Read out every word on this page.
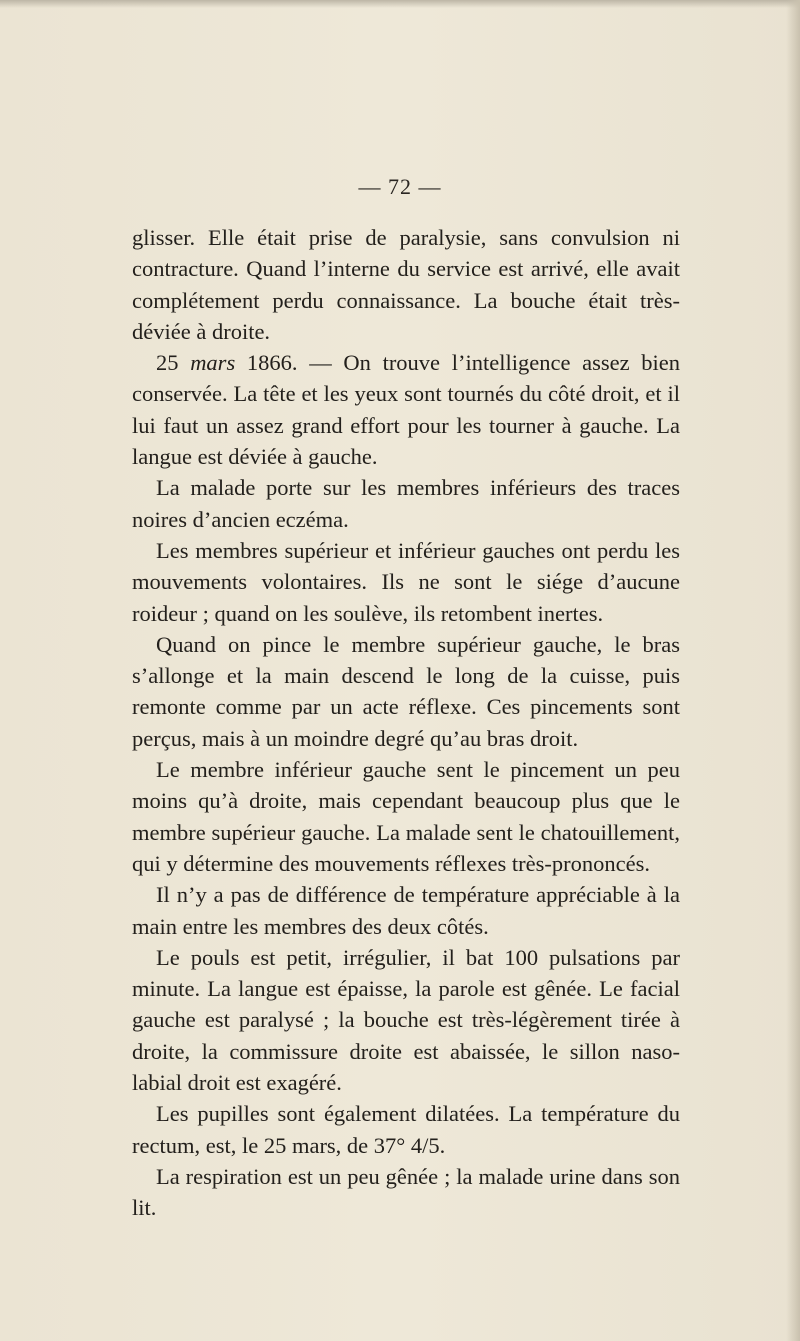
— 72 —

glisser. Elle était prise de paralysie, sans convulsion ni contracture. Quand l’interne du service est arrivé, elle avait complétement perdu connaissance. La bouche était très-déviée à droite.

25 mars 1866. — On trouve l’intelligence assez bien conservée. La tête et les yeux sont tournés du côté droit, et il lui faut un assez grand effort pour les tourner à gauche. La langue est déviée à gauche.

La malade porte sur les membres inférieurs des traces noires d’ancien eczéma.

Les membres supérieur et inférieur gauches ont perdu les mouvements volontaires. Ils ne sont le siége d’aucune roideur ; quand on les soulève, ils retombent inertes.

Quand on pince le membre supérieur gauche, le bras s’allonge et la main descend le long de la cuisse, puis remonte comme par un acte réflexe. Ces pincements sont perçus, mais à un moindre degré qu’au bras droit.

Le membre inférieur gauche sent le pincement un peu moins qu’à droite, mais cependant beaucoup plus que le membre supérieur gauche. La malade sent le chatouillement, qui y détermine des mouvements réflexes très-prononcés.

Il n’y a pas de différence de température appréciable à la main entre les membres des deux côtés.

Le pouls est petit, irrégulier, il bat 100 pulsations par minute. La langue est épaisse, la parole est gênée. Le facial gauche est paralysé ; la bouche est très-légèrement tirée à droite, la commissure droite est abaissée, le sillon naso-labial droit est exagéré.

Les pupilles sont également dilatées. La température du rectum, est, le 25 mars, de 37° 4/5.

La respiration est un peu gênée ; la malade urine dans son lit.
